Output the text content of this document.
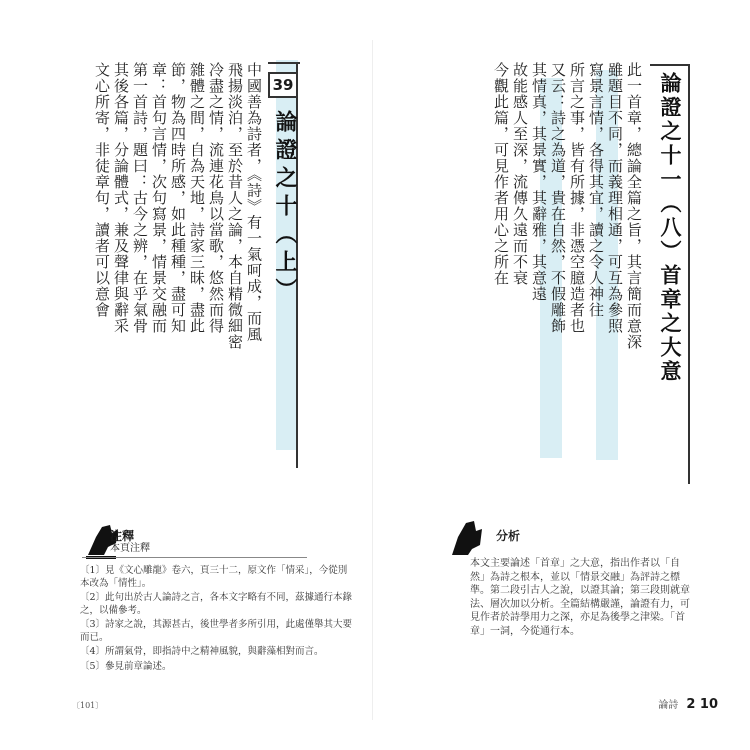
39
論證之十（上）
中國善為詩者，《詩》有一氣呵成，而風
飛揚淡泊，至於昔人之論，本自精微細密
冷盡之情，流連花鳥以當歌，悠然而得
雜體之間，自為天地，詩家三昧，盡此
節，物為四時所感，如此種種，盡可知
章：首句言情，次句寫景，情景交融而
第一首詩，題曰：古今之辨，在乎氣骨
其後各篇，分論體式，兼及聲律與辭采
文心所寄，非徒章句，讀者可以意會
注釋
本頁注釋

〔1〕見《文心雕龍》卷六，頁三十二，原文作「情采」，今從別本改為「情性」。

〔2〕此句出於古人論詩之言，各本文字略有不同，茲據通行本錄之，以備參考。

〔3〕詩家之說，其源甚古，後世學者多所引用，此處僅舉其大要而已。

〔4〕所謂氣骨，即指詩中之精神風貌，與辭藻相對而言。

〔5〕參見前章論述。

〔101〕
論證之十一（八）首章之大意
此一首章，總論全篇之旨，其言簡而意深
雖題目不同，而義理相通，可互為參照
寫景言情，各得其宜，讀之令人神往
所言之事，皆有所據，非憑空臆造者也
又云：詩之為道，貴在自然，不假雕飾
其情真，其景實，其辭雅，其意遠
故能感人至深，流傳久遠而不衰
今觀此篇，可見作者用心之所在
分析
本文主要論述「首章」之大意，指出作者以「自然」為詩之根本，並以「情景交融」為評詩之標準。第二段引古人之說，以證其論；第三段則就章法、層次加以分析。全篇結構嚴謹，論證有力，可見作者於詩學用力之深，亦足為後學之津梁。「首章」一詞，今從通行本。
論詩 2 10
